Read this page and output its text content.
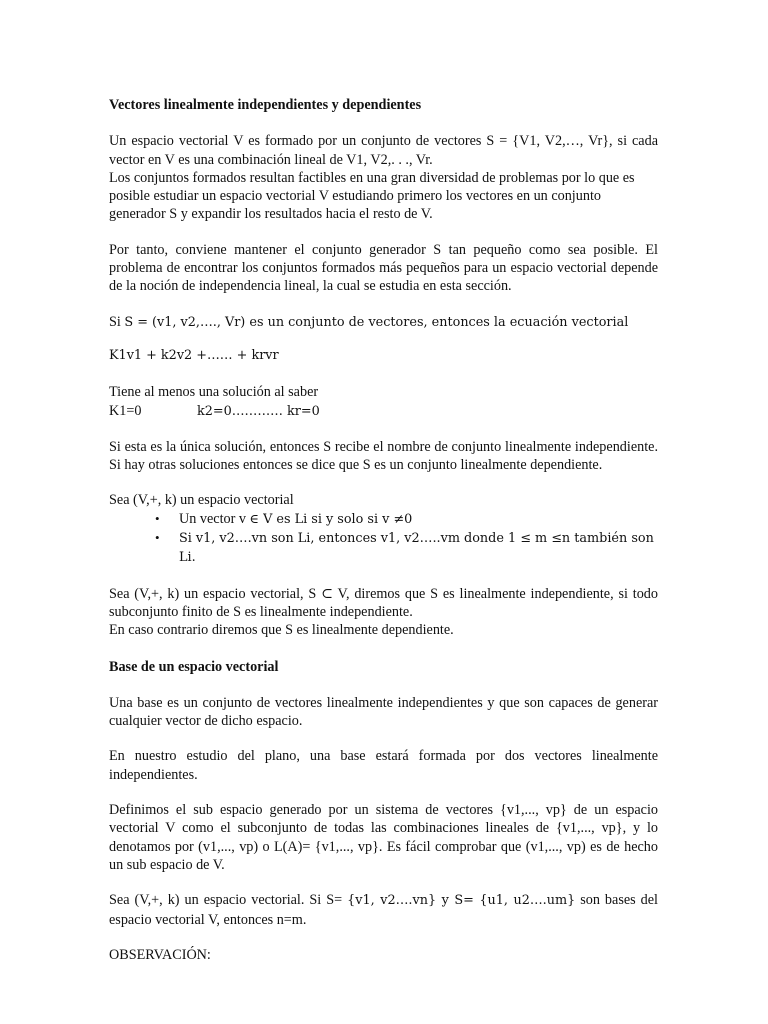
Vectores linealmente independientes y dependientes

Un espacio vectorial V es formado por un conjunto de vectores S = {V1, V2,…, Vr}, si cada vector en V es una combinación lineal de V1, V2,. . ., Vr.

Los conjuntos formados resultan factibles en una gran diversidad de problemas por lo que es posible estudiar un espacio vectorial V estudiando primero los vectores en un conjunto generador S y expandir los resultados hacia el resto de V.

Por tanto, conviene mantener el conjunto generador S tan pequeño como sea posible. El problema de encontrar los conjuntos formados más pequeños para un espacio vectorial depende de la noción de independencia lineal, la cual se estudia en esta sección.

Si S = (v1, v2,…., Vr) es un conjunto de vectores, entonces la ecuación vectorial

K1v1 + k2v2 +…… + krvr

Tiene al menos una solución al saber
K1=0	k2=0………… kr=0

Si esta es la única solución, entonces S recibe el nombre de conjunto linealmente independiente. Si hay otras soluciones entonces se dice que S es un conjunto linealmente dependiente.

Sea (V,+, k) un espacio vectorial

• Un vector v ∈ V es Li si y solo si v ≠0
• Si v1, v2….vn son Li, entonces v1, v2…..vm donde 1 ≤ m ≤n también son Li.

Sea (V,+, k) un espacio vectorial, S ⊂ V, diremos que S es linealmente independiente, si todo subconjunto finito de S es linealmente independiente.

En caso contrario diremos que S es linealmente dependiente.

Base de un espacio vectorial

Una base es un conjunto de vectores linealmente independientes y que son capaces de generar cualquier vector de dicho espacio.

En nuestro estudio del plano, una base estará formada por dos vectores linealmente independientes.

Definimos el sub espacio generado por un sistema de vectores {v1,..., vp} de un espacio vectorial V como el subconjunto de todas las combinaciones lineales de {v1,..., vp}, y lo denotamos por (v1,..., vp) o L(A)= {v1,..., vp}. Es fácil comprobar que (v1,..., vp) es de hecho un sub espacio de V.

Sea (V,+, k) un espacio vectorial. Si S= {v1, v2….vn} y S= {u1, u2….um} son bases del espacio vectorial V, entonces n=m.

OBSERVACIÓN:
